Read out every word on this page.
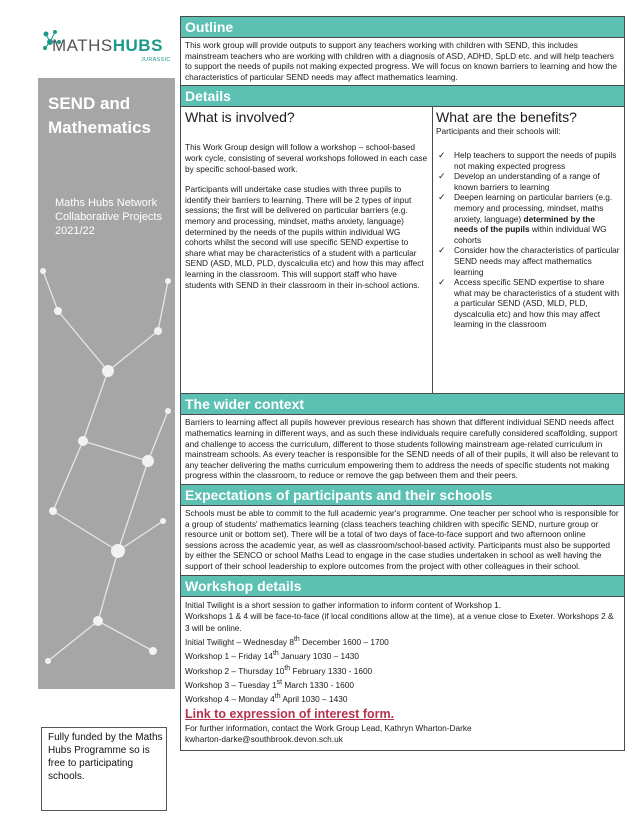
MATHSHUBS
JURASSIC
SEND and
Mathematics
Maths Hubs Network
Collaborative Projects
2021/22
Fully funded by the Maths Hubs Programme so is free to participating schools.
Outline
This work group will provide outputs to support any teachers working with children with SEND, this includes mainstream teachers who are working with children with a diagnosis of ASD, ADHD, SpLD etc. and will help teachers to support the needs of pupils not making expected progress. We will focus on known barriers to learning and how the characteristics of particular SEND needs may affect mathematics learning.
Details
What is involved?

This Work Group design will follow a workshop – school-based work cycle, consisting of several workshops followed in each case by specific school-based work.

Participants will undertake case studies with three pupils to identify their barriers to learning. There will be 2 types of input sessions; the first will be delivered on particular barriers (e.g. memory and processing, mindset, maths anxiety, language) determined by the needs of the pupils within individual WG cohorts whilst the second will use specific SEND expertise to share what may be characteristics of a student with a particular SEND (ASD, MLD, PLD, dyscalculia etc) and how this may affect learning in the classroom. This will support staff who have students with SEND in their classroom in their in-school actions.

What are the benefits?
Participants and their schools will:
✓ Help teachers to support the needs of pupils not making expected progress
✓ Develop an understanding of a range of known barriers to learning
✓ Deepen learning on particular barriers (e.g. memory and processing, mindset, maths anxiety, language) determined by the needs of the pupils within individual WG cohorts
✓ Consider how the characteristics of particular SEND needs may affect mathematics learning
✓ Access specific SEND expertise to share what may be characteristics of a student with a particular SEND (ASD, MLD, PLD, dyscalculia etc) and how this may affect learning in the classroom
The wider context
Barriers to learning affect all pupils however previous research has shown that different individual SEND needs affect mathematics learning in different ways, and as such these individuals require carefully considered scaffolding, support and challenge to access the curriculum, different to those students following mainstream age-related curriculum in mainstream schools. As every teacher is responsible for the SEND needs of all of their pupils, it will also be relevant to any teacher delivering the maths curriculum empowering them to address the needs of specific students not making progress within the classroom, to reduce or remove the gap between them and their peers.
Expectations of participants and their schools
Schools must be able to commit to the full academic year's programme. One teacher per school who is responsible for a group of students' mathematics learning (class teachers teaching children with specific SEND, nurture group or resource unit or bottom set). There will be a total of two days of face-to-face support and two afternoon online sessions across the academic year, as well as classroom/school-based activity. Participants must also be supported by either the SENCO or school Maths Lead to engage in the case studies undertaken in school as well having the support of their school leadership to explore outcomes from the project with other colleagues in their school.
Workshop details
Initial Twilight is a short session to gather information to inform content of Workshop 1.
Workshops 1 & 4 will be face-to-face (if local conditions allow at the time), at a venue close to Exeter. Workshops 2 & 3 will be online.
Initial Twilight – Wednesday 8th December 1600 – 1700
Workshop 1 – Friday 14th January 1030 – 1430
Workshop 2 – Thursday 10th February 1330 - 1600
Workshop 3 – Tuesday 1st March 1330 - 1600
Workshop 4 – Monday 4th April 1030 – 1430
Link to expression of interest form.
For further information, contact the Work Group Lead, Kathryn Wharton-Darke
kwharton-darke@southbrook.devon.sch.uk
